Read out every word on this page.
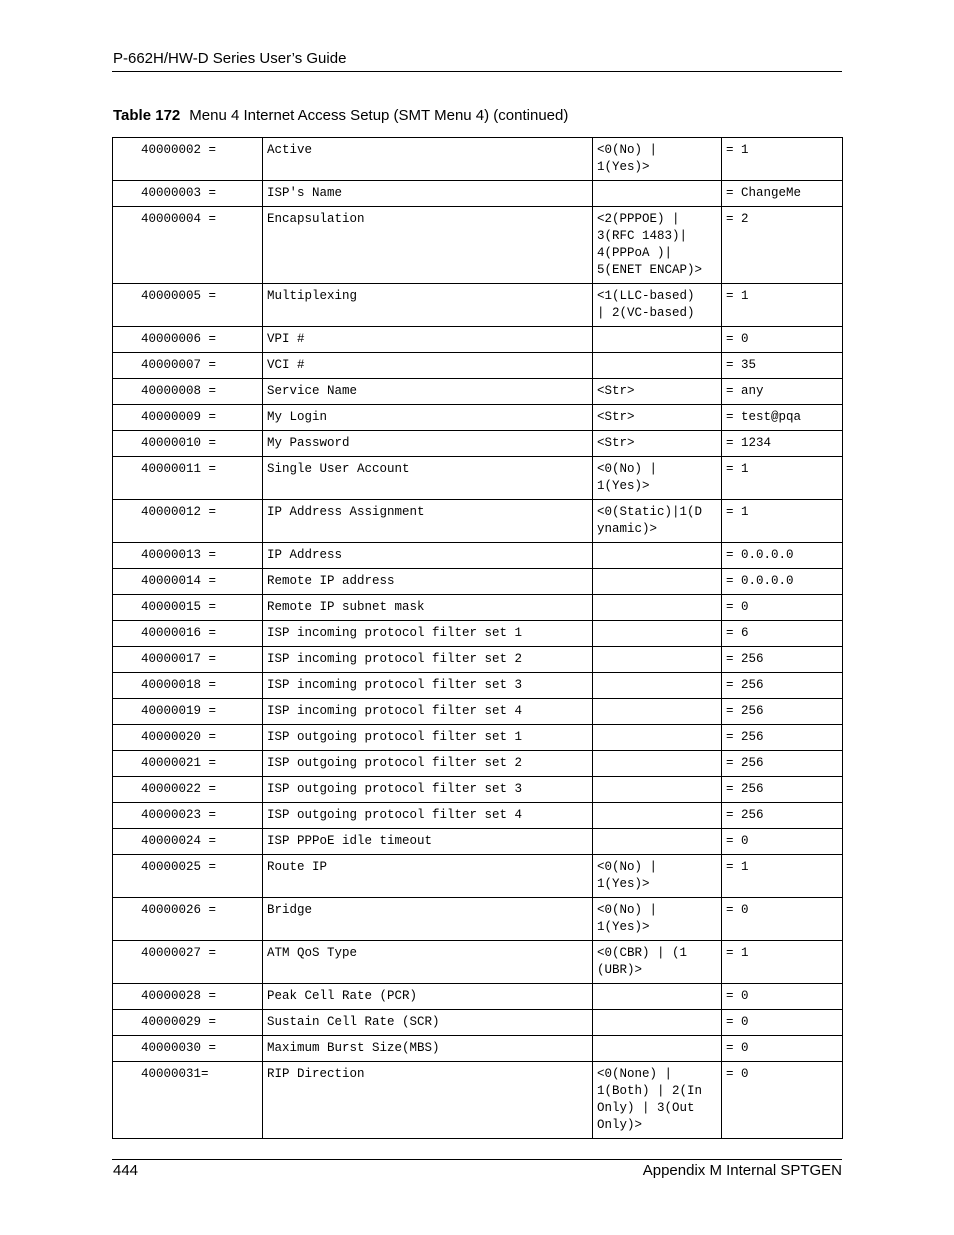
P-662H/HW-D Series User’s Guide
Table 172 Menu 4 Internet Access Setup (SMT Menu 4) (continued)
40000002 =	Active	<0(No) |
1(Yes)>	= 1
40000003 =	ISP's Name		= ChangeMe
40000004 =	Encapsulation	<2(PPPOE) |
3(RFC 1483)|
4(PPPoA )|
5(ENET ENCAP)>	= 2
40000005 =	Multiplexing	<1(LLC-based)
| 2(VC-based)	= 1
40000006 =	VPI #		= 0
40000007 =	VCI #		= 35
40000008 =	Service Name	<Str>	= any
40000009 =	My Login	<Str>	= test@pqa
40000010 =	My Password	<Str>	= 1234
40000011 =	Single User Account	<0(No) |
1(Yes)>	= 1
40000012 =	IP Address Assignment	<0(Static)|1(D
ynamic)>	= 1
40000013 =	IP Address		= 0.0.0.0
40000014 =	Remote IP address		= 0.0.0.0
40000015 =	Remote IP subnet mask		= 0
40000016 =	ISP incoming protocol filter set 1		= 6
40000017 =	ISP incoming protocol filter set 2		= 256
40000018 =	ISP incoming protocol filter set 3		= 256
40000019 =	ISP incoming protocol filter set 4		= 256
40000020 =	ISP outgoing protocol filter set 1		= 256
40000021 =	ISP outgoing protocol filter set 2		= 256
40000022 =	ISP outgoing protocol filter set 3		= 256
40000023 =	ISP outgoing protocol filter set 4		= 256
40000024 =	ISP PPPoE idle timeout		= 0
40000025 =	Route IP	<0(No) |
1(Yes)>	= 1
40000026 =	Bridge	<0(No) |
1(Yes)>	= 0
40000027 =	ATM QoS Type	<0(CBR) | (1
(UBR)>	= 1
40000028 =	Peak Cell Rate (PCR)		= 0
40000029 =	Sustain Cell Rate (SCR)		= 0
40000030 =	Maximum Burst Size(MBS)		= 0
40000031=	RIP Direction	<0(None) |
1(Both) | 2(In
Only) | 3(Out
Only)>	= 0
444	Appendix M Internal SPTGEN
